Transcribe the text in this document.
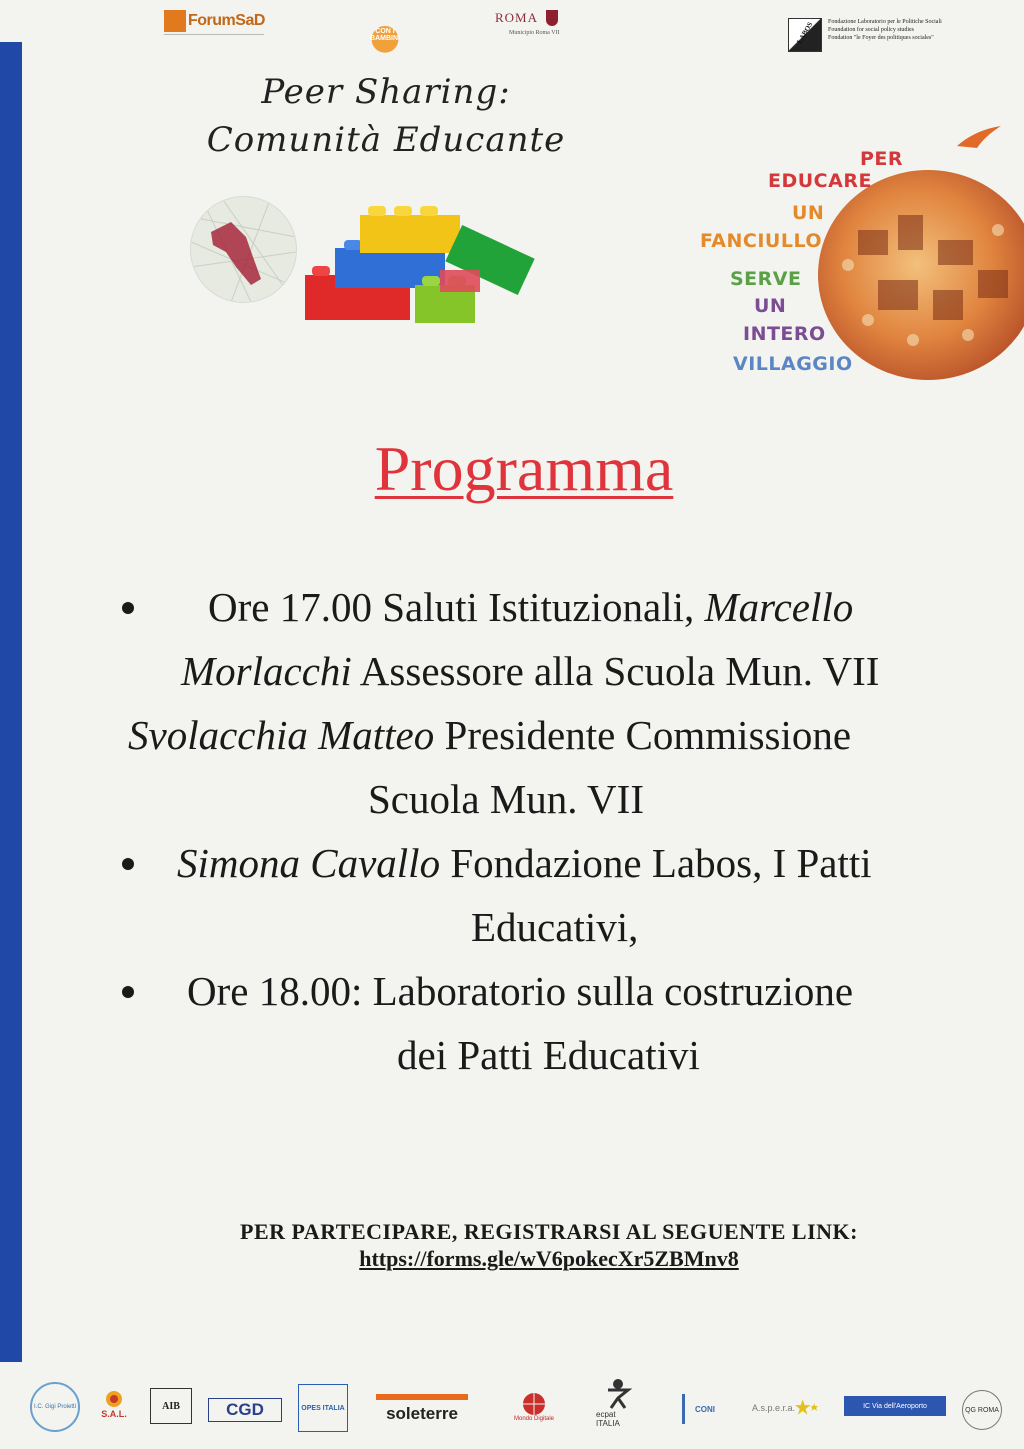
ForumSaD
CON I BAMBINI
ROMA
Municipio Roma VII	LABOS Fondazione Laboratorio per le Politiche Sociali
Foundation for social policy studies
Fondation "le Foyer des politiques sociales"
Peer Sharing:
Comunità Educante	PER
EDUCARE
UN
FANCIULLO
SERVE
UN
INTERO
VILLAGGIO
Programma
Ore 17.00 Saluti Istituzionali, Marcello
Morlacchi Assessore alla Scuola Mun. VII
Svolacchia Matteo Presidente Commissione
Scuola Mun. VII
Simona Cavallo Fondazione Labos, I Patti
Educativi,
Ore 18.00: Laboratorio sulla costruzione
dei Patti Educativi
PER PARTECIPARE, REGISTRARSI AL SEGUENTE LINK:
https://forms.gle/wV6pokecXr5ZBMnv8
I.C. Gigi Proietti
S.A.L.
AIB	CGD	OPES ITALIA soleterre	Mondo Digitale	ecpat ITALIA
CONI	A.s.p.e.r.a.	IC Via dell'Aeroporto
QG ROMA
